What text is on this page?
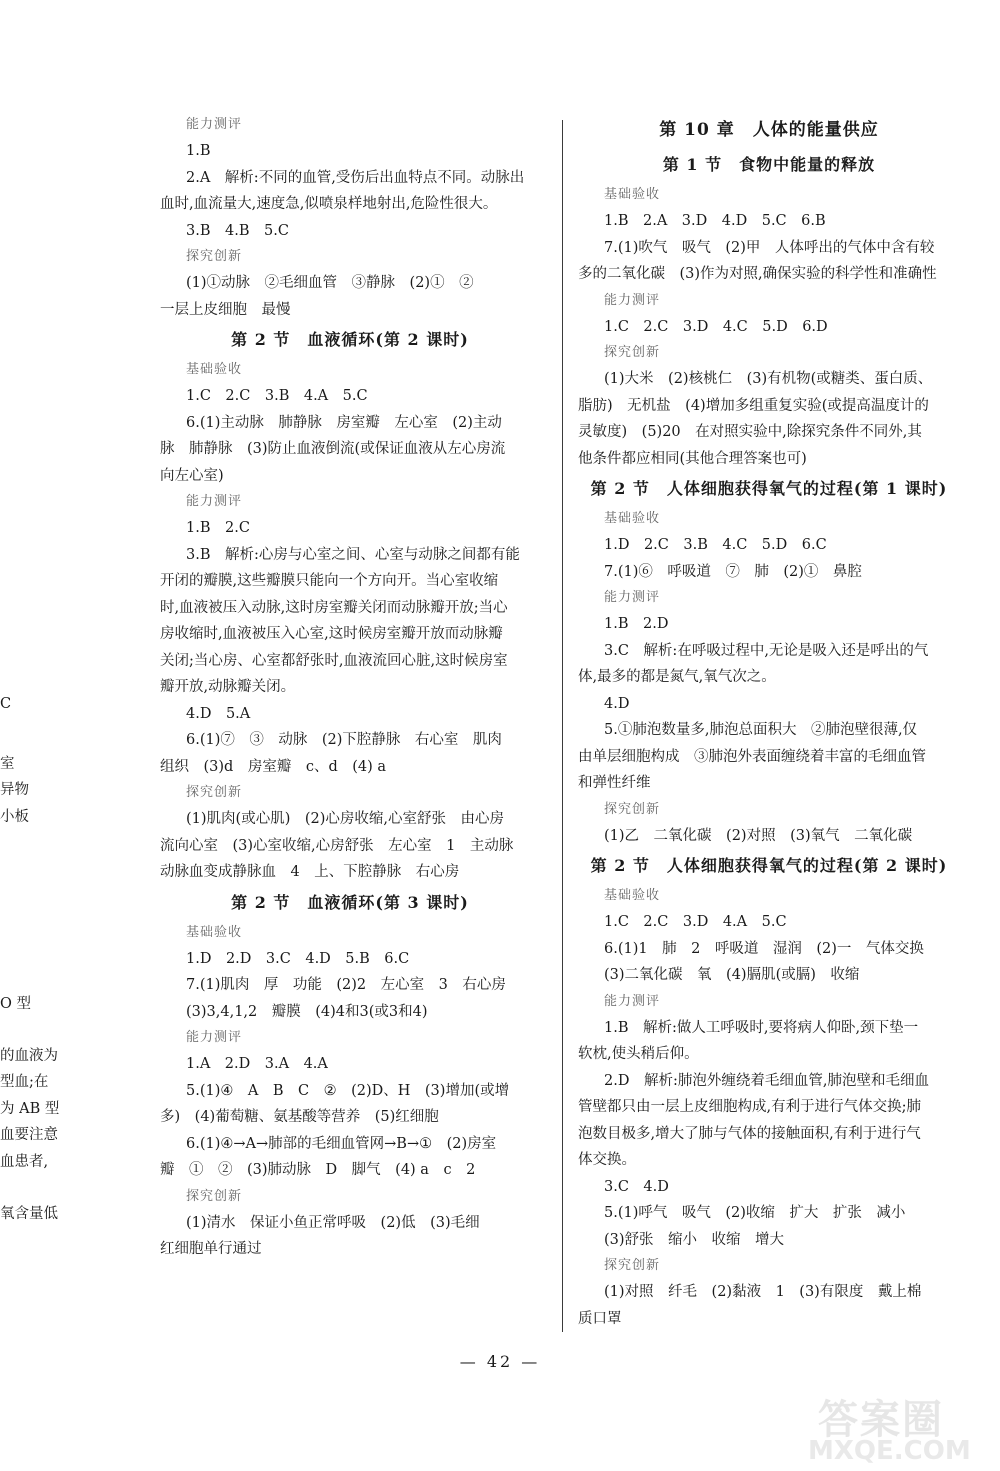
能力测评
1.B
2.A　解析:不同的血管,受伤后出血特点不同。动脉出
血时,血流量大,速度急,似喷泉样地射出,危险性很大。
3.B　4.B　5.C
探究创新
(1)①动脉　②毛细血管　③静脉　(2)①　②
一层上皮细胞　最慢
第 2 节　血液循环(第 2 课时)
基础验收
1.C　2.C　3.B　4.A　5.C
6.(1)主动脉　肺静脉　房室瓣　左心室　(2)主动
脉　肺静脉　(3)防止血液倒流(或保证血液从左心房流
向左心室)
能力测评
1.B　2.C
3.B　解析:心房与心室之间、心室与动脉之间都有能
开闭的瓣膜,这些瓣膜只能向一个方向开。当心室收缩
时,血液被压入动脉,这时房室瓣关闭而动脉瓣开放;当心
房收缩时,血液被压入心室,这时候房室瓣开放而动脉瓣
关闭;当心房、心室都舒张时,血液流回心脏,这时候房室
瓣开放,动脉瓣关闭。
4.D　5.A
6.(1)⑦　③　动脉　(2)下腔静脉　右心室　肌肉
组织　(3)d　房室瓣　c、d　(4) a
探究创新
(1)肌肉(或心肌)　(2)心房收缩,心室舒张　由心房
流向心室　(3)心室收缩,心房舒张　左心室　1　主动脉
动脉血变成静脉血　4　上、下腔静脉　右心房
第 2 节　血液循环(第 3 课时)
基础验收
1.D　2.D　3.C　4.D　5.B　6.C
7.(1)肌肉　厚　功能　(2)2　左心室　3　右心房
(3)3,4,1,2　瓣膜　(4)4和3(或3和4)
能力测评
1.A　2.D　3.A　4.A
5.(1)④　A　B　C　②　(2)D、H　(3)增加(或增
多)　(4)葡萄糖、氨基酸等营养　(5)红细胞
6.(1)④→A→肺部的毛细血管网→B→①　(2)房室
瓣　①　②　(3)肺动脉　D　脚气　(4) a　c　2
探究创新
(1)清水　保证小鱼正常呼吸　(2)低　(3)毛细
红细胞单行通过
第 10 章　人体的能量供应
第 1 节　食物中能量的释放
基础验收
1.B　2.A　3.D　4.D　5.C　6.B
7.(1)吹气　吸气　(2)甲　人体呼出的气体中含有较
多的二氧化碳　(3)作为对照,确保实验的科学性和准确性
能力测评
1.C　2.C　3.D　4.C　5.D　6.D
探究创新
(1)大米　(2)核桃仁　(3)有机物(或糖类、蛋白质、
脂肪)　无机盐　(4)增加多组重复实验(或提高温度计的
灵敏度)　(5)20　在对照实验中,除探究条件不同外,其
他条件都应相同(其他合理答案也可)
第 2 节　人体细胞获得氧气的过程(第 1 课时)
基础验收
1.D　2.C　3.B　4.C　5.D　6.C
7.(1)⑥　呼吸道　⑦　肺　(2)①　鼻腔
能力测评
1.B　2.D
3.C　解析:在呼吸过程中,无论是吸入还是呼出的气
体,最多的都是氮气,氧气次之。
4.D
5.①肺泡数量多,肺泡总面积大　②肺泡壁很薄,仅
由单层细胞构成　③肺泡外表面缠绕着丰富的毛细血管
和弹性纤维
探究创新
(1)乙　二氧化碳　(2)对照　(3)氧气　二氧化碳
第 2 节　人体细胞获得氧气的过程(第 2 课时)
基础验收
1.C　2.C　3.D　4.A　5.C
6.(1)1　肺　2　呼吸道　湿润　(2)一　气体交换
(3)二氧化碳　氧　(4)膈肌(或膈)　收缩
能力测评
1.B　解析:做人工呼吸时,要将病人仰卧,颈下垫一
软枕,使头稍后仰。
2.D　解析:肺泡外缠绕着毛细血管,肺泡壁和毛细血
管壁都只由一层上皮细胞构成,有利于进行气体交换;肺
泡数目极多,增大了肺与气体的接触面积,有利于进行气
体交换。
3.C　4.D
5.(1)呼气　吸气　(2)收缩　扩大　扩张　减小
(3)舒张　缩小　收缩　增大
探究创新
(1)对照　纤毛　(2)黏液　1　(3)有限度　戴上棉
质口罩
C
室
异物
小板
O 型
的血液为
型血;在
为 AB 型
血要注意
血患者,
氧含量低
— 42 —
答案圈
MXQE.COM
